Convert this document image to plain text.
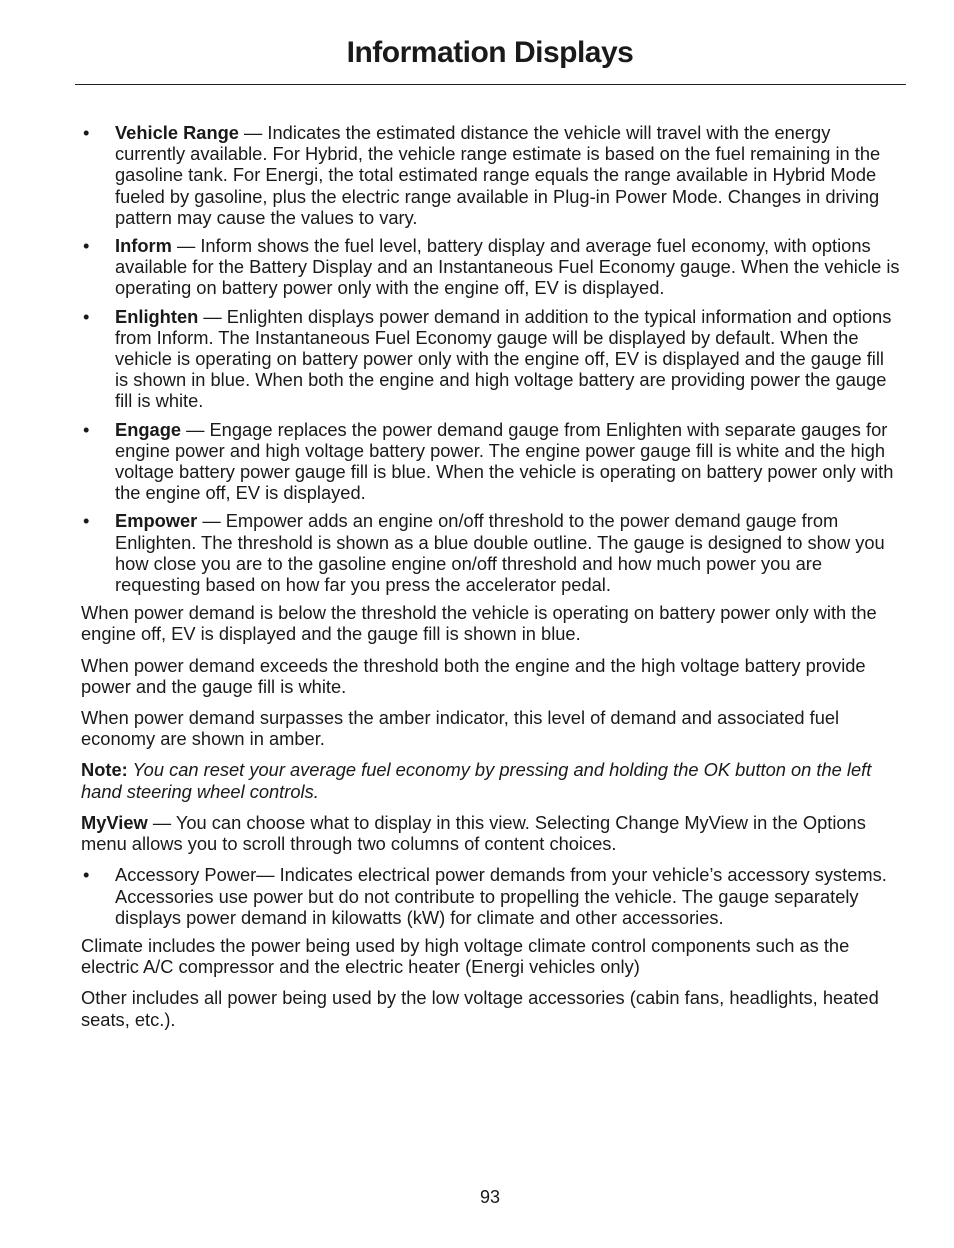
Information Displays
• Vehicle Range — Indicates the estimated distance the vehicle will travel with the energy currently available. For Hybrid, the vehicle range estimate is based on the fuel remaining in the gasoline tank. For Energi, the total estimated range equals the range available in Hybrid Mode fueled by gasoline, plus the electric range available in Plug-in Power Mode. Changes in driving pattern may cause the values to vary.
• Inform — Inform shows the fuel level, battery display and average fuel economy, with options available for the Battery Display and an Instantaneous Fuel Economy gauge. When the vehicle is operating on battery power only with the engine off, EV is displayed.
• Enlighten — Enlighten displays power demand in addition to the typical information and options from Inform. The Instantaneous Fuel Economy gauge will be displayed by default. When the vehicle is operating on battery power only with the engine off, EV is displayed and the gauge fill is shown in blue. When both the engine and high voltage battery are providing power the gauge fill is white.
• Engage — Engage replaces the power demand gauge from Enlighten with separate gauges for engine power and high voltage battery power. The engine power gauge fill is white and the high voltage battery power gauge fill is blue. When the vehicle is operating on battery power only with the engine off, EV is displayed.
• Empower — Empower adds an engine on/off threshold to the power demand gauge from Enlighten. The threshold is shown as a blue double outline. The gauge is designed to show you how close you are to the gasoline engine on/off threshold and how much power you are requesting based on how far you press the accelerator pedal.

When power demand is below the threshold the vehicle is operating on battery power only with the engine off, EV is displayed and the gauge fill is shown in blue.

When power demand exceeds the threshold both the engine and the high voltage battery provide power and the gauge fill is white.

When power demand surpasses the amber indicator, this level of demand and associated fuel economy are shown in amber.

Note: You can reset your average fuel economy by pressing and holding the OK button on the left hand steering wheel controls.

MyView — You can choose what to display in this view. Selecting Change MyView in the Options menu allows you to scroll through two columns of content choices.

• Accessory Power— Indicates electrical power demands from your vehicle’s accessory systems. Accessories use power but do not contribute to propelling the vehicle. The gauge separately displays power demand in kilowatts (kW) for climate and other accessories.

Climate includes the power being used by high voltage climate control components such as the electric A/C compressor and the electric heater (Energi vehicles only)

Other includes all power being used by the low voltage accessories (cabin fans, headlights, heated seats, etc.).

93
